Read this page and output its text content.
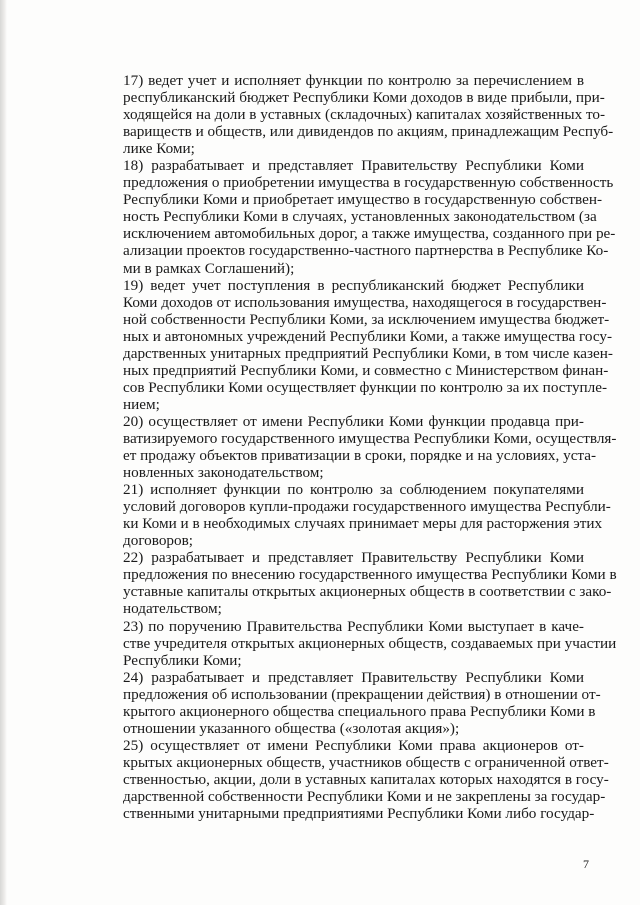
17) ведет учет и исполняет функции по контролю за перечислением в
республиканский бюджет Республики Коми доходов в виде прибыли, при-
ходящейся на доли в уставных (складочных) капиталах хозяйственных то-
вариществ и обществ, или дивидендов по акциям, принадлежащим Респуб-
лике Коми;

18) разрабатывает и представляет Правительству Республики Коми
предложения о приобретении имущества в государственную собственность
Республики Коми и приобретает имущество в государственную собствен-
ность Республики Коми в случаях, установленных законодательством (за
исключением автомобильных дорог, а также имущества, созданного при ре-
ализации проектов государственно-частного партнерства в Республике Ко-
ми в рамках Соглашений);

19) ведет учет поступления в республиканский бюджет Республики
Коми доходов от использования имущества, находящегося в государствен-
ной собственности Республики Коми, за исключением имущества бюджет-
ных и автономных учреждений Республики Коми, а также имущества госу-
дарственных унитарных предприятий Республики Коми, в том числе казен-
ных предприятий Республики Коми, и совместно с Министерством финан-
сов Республики Коми осуществляет функции по контролю за их поступле-
нием;

20) осуществляет от имени Республики Коми функции продавца при-
ватизируемого государственного имущества Республики Коми, осуществля-
ет продажу объектов приватизации в сроки, порядке и на условиях, уста-
новленных законодательством;

21) исполняет функции по контролю за соблюдением покупателями
условий договоров купли-продажи государственного имущества Республи-
ки Коми и в необходимых случаях принимает меры для расторжения этих
договоров;

22) разрабатывает и представляет Правительству Республики Коми
предложения по внесению государственного имущества Республики Коми в
уставные капиталы открытых акционерных обществ в соответствии с зако-
нодательством;

23) по поручению Правительства Республики Коми выступает в каче-
стве учредителя открытых акционерных обществ, создаваемых при участии
Республики Коми;

24) разрабатывает и представляет Правительству Республики Коми
предложения об использовании (прекращении действия) в отношении от-
крытого акционерного общества специального права Республики Коми в
отношении указанного общества («золотая акция»);

25) осуществляет от имени Республики Коми права акционеров от-
крытых акционерных обществ, участников обществ с ограниченной ответ-
ственностью, акции, доли в уставных капиталах которых находятся в госу-
дарственной собственности Республики Коми и не закреплены за государ-
ственными унитарными предприятиями Республики Коми либо государ-

7
